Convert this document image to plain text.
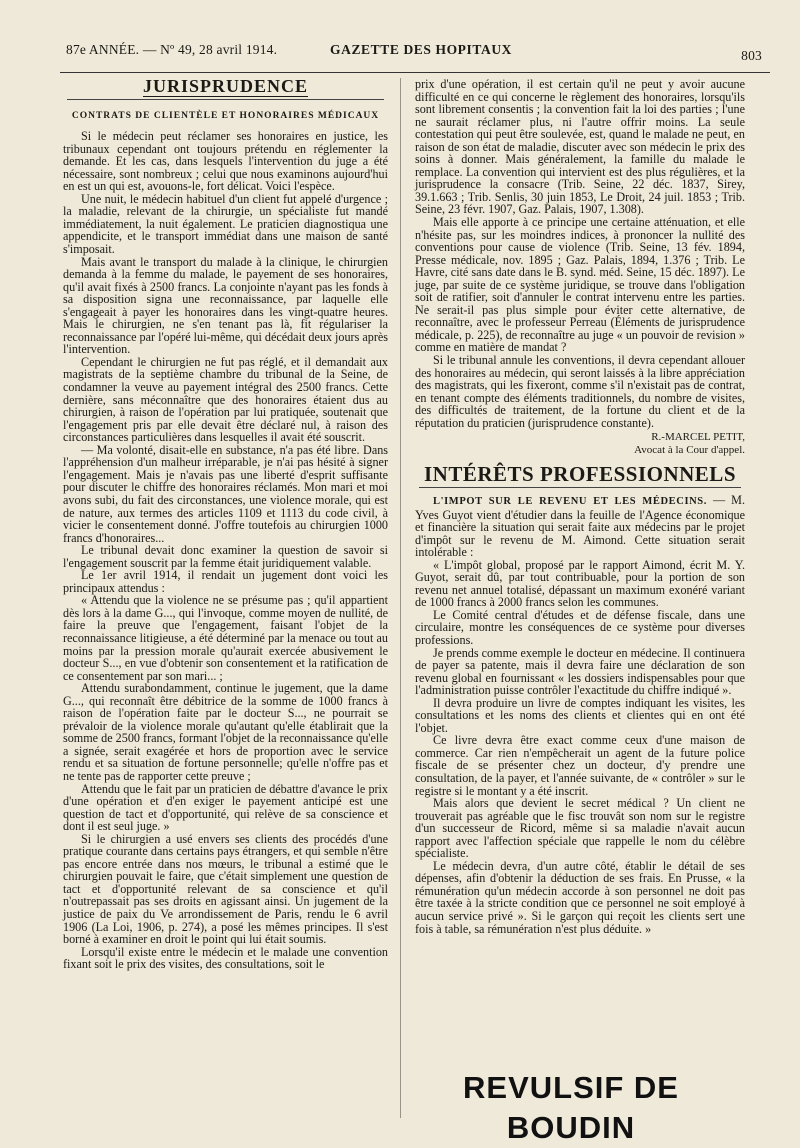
87e ANNÉE. — Nº 49, 28 avril 1914.	GAZETTE DES HOPITAUX	803
JURISPRUDENCE
CONTRATS DE CLIENTÈLE ET HONORAIRES MÉDICAUX

Si le médecin peut réclamer ses honoraires en justice, les tribunaux cependant ont toujours prétendu en réglementer la demande. Et les cas, dans lesquels l'intervention du juge a été nécessaire, sont nombreux ; celui que nous examinons aujourd'hui en est un qui est, avouons-le, fort délicat. Voici l'espèce.

Une nuit, le médecin habituel d'un client fut appelé d'urgence ; la maladie, relevant de la chirurgie, un spécialiste fut mandé immédiatement, la nuit également. Le praticien diagnostiqua une appendicite, et le transport immédiat dans une maison de santé s'imposait.

Mais avant le transport du malade à la clinique, le chirurgien demanda à la femme du malade, le payement de ses honoraires, qu'il avait fixés à 2500 francs. La conjointe n'ayant pas les fonds à sa disposition signa une reconnaissance, par laquelle elle s'engageait à payer les honoraires dans les vingt-quatre heures. Mais le chirurgien, ne s'en tenant pas là, fit régulariser la reconnaissance par l'opéré lui-même, qui décédait deux jours après l'intervention.

Cependant le chirurgien ne fut pas réglé, et il demandait aux magistrats de la septième chambre du tribunal de la Seine, de condamner la veuve au payement intégral des 2500 francs. Cette dernière, sans méconnaître que des honoraires étaient dus au chirurgien, à raison de l'opération par lui pratiquée, soutenait que l'engagement pris par elle devait être déclaré nul, à raison des circonstances particulières dans lesquelles il avait été souscrit.

— Ma volonté, disait-elle en substance, n'a pas été libre. Dans l'appréhension d'un malheur irréparable, je n'ai pas hésité à signer l'engagement. Mais je n'avais pas une liberté d'esprit suffisante pour discuter le chiffre des honoraires réclamés. Mon mari et moi avons subi, du fait des circonstances, une violence morale, qui est de nature, aux termes des articles 1109 et 1113 du code civil, à vicier le consentement donné. J'offre toutefois au chirurgien 1000 francs d'honoraires...

Le tribunal devait donc examiner la question de savoir si l'engagement souscrit par la femme était juridiquement valable.

Le 1er avril 1914, il rendait un jugement dont voici les principaux attendus :

« Attendu que la violence ne se présume pas ; qu'il appartient dès lors à la dame G..., qui l'invoque, comme moyen de nullité, de faire la preuve que l'engagement, faisant l'objet de la reconnaissance litigieuse, a été déterminé par la menace ou tout au moins par la pression morale qu'aurait exercée abusivement le docteur S..., en vue d'obtenir son consentement et la ratification de ce consentement par son mari... ;

Attendu surabondamment, continue le jugement, que la dame G..., qui reconnaît être débitrice de la somme de 1000 francs à raison de l'opération faite par le docteur S..., ne pourrait se prévaloir de la violence morale qu'autant qu'elle établirait que la somme de 2500 francs, formant l'objet de la reconnaissance qu'elle a signée, serait exagérée et hors de proportion avec le service rendu et sa situation de fortune personnelle; qu'elle n'offre pas et ne tente pas de rapporter cette preuve ;

Attendu que le fait par un praticien de débattre d'avance le prix d'une opération et d'en exiger le payement anticipé est une question de tact et d'opportunité, qui relève de sa conscience et dont il est seul juge. »

Si le chirurgien a usé envers ses clients des procédés d'une pratique courante dans certains pays étrangers, et qui semble n'être pas encore entrée dans nos mœurs, le tribunal a estimé que le chirurgien pouvait le faire, que c'était simplement une question de tact et d'opportunité relevant de sa conscience et qu'il n'outrepassait pas ses droits en agissant ainsi. Un jugement de la justice de paix du Ve arrondissement de Paris, rendu le 6 avril 1906 (La Loi, 1906, p. 274), a posé les mêmes principes. Il s'est borné à examiner en droit le point qui lui était soumis.

Lorsqu'il existe entre le médecin et le malade une convention fixant soit le prix des visites, des consultations, soit le

prix d'une opération, il est certain qu'il ne peut y avoir aucune difficulté en ce qui concerne le règlement des honoraires, lorsqu'ils sont librement consentis ; la convention fait la loi des parties ; l'une ne saurait réclamer plus, ni l'autre offrir moins. La seule contestation qui peut être soulevée, est, quand le malade ne peut, en raison de son état de maladie, discuter avec son médecin le prix des soins à donner. Mais généralement, la famille du malade le remplace. La convention qui intervient est des plus régulières, et la jurisprudence la consacre (Trib. Seine, 22 déc. 1837, Sirey, 39.1.663 ; Trib. Senlis, 30 juin 1853, Le Droit, 24 juil. 1853 ; Trib. Seine, 23 févr. 1907, Gaz. Palais, 1907, 1.308).

Mais elle apporte à ce principe une certaine atténuation, et elle n'hésite pas, sur les moindres indices, à prononcer la nullité des conventions pour cause de violence (Trib. Seine, 13 fév. 1894, Presse médicale, nov. 1895 ; Gaz. Palais, 1894, 1.376 ; Trib. Le Havre, cité sans date dans le B. synd. méd. Seine, 15 déc. 1897). Le juge, par suite de ce système juridique, se trouve dans l'obligation soit de ratifier, soit d'annuler le contrat intervenu entre les parties. Ne serait-il pas plus simple pour éviter cette alternative, de reconnaître, avec le professeur Perreau (Éléments de jurisprudence médicale, p. 225), de reconnaître au juge « un pouvoir de revision » comme en matière de mandat ?

Si le tribunal annule les conventions, il devra cependant allouer des honoraires au médecin, qui seront laissés à la libre appréciation des magistrats, qui les fixeront, comme s'il n'existait pas de contrat, en tenant compte des éléments traditionnels, du nombre de visites, des difficultés de traitement, de la fortune du client et de la réputation du praticien (jurisprudence constante).

R.-MARCEL PETIT,
Avocat à la Cour d'appel.
INTÉRÊTS PROFESSIONNELS

L'IMPOT SUR LE REVENU ET LES MÉDECINS. — M. Yves Guyot vient d'étudier dans la feuille de l'Agence économique et financière la situation qui serait faite aux médecins par le projet d'impôt sur le revenu de M. Aimond. Cette situation serait intolérable :

« L'impôt global, proposé par le rapport Aimond, écrit M. Y. Guyot, serait dû, par tout contribuable, pour la portion de son revenu net annuel totalisé, dépassant un maximum exonéré variant de 1000 francs à 2000 francs selon les communes.

Le Comité central d'études et de défense fiscale, dans une circulaire, montre les conséquences de ce système pour diverses professions.

Je prends comme exemple le docteur en médecine. Il continuera de payer sa patente, mais il devra faire une déclaration de son revenu global en fournissant « les dossiers indispensables pour que l'administration puisse contrôler l'exactitude du chiffre indiqué ».

Il devra produire un livre de comptes indiquant les visites, les consultations et les noms des clients et clientes qui en ont été l'objet.

Ce livre devra être exact comme ceux d'une maison de commerce. Car rien n'empêcherait un agent de la future police fiscale de se présenter chez un docteur, d'y prendre une consultation, de la payer, et l'année suivante, de « contrôler » sur le registre si le montant y a été inscrit.

Mais alors que devient le secret médical ? Un client ne trouverait pas agréable que le fisc trouvât son nom sur le registre d'un successeur de Ricord, même si sa maladie n'avait aucun rapport avec l'affection spéciale que rappelle le nom du célèbre spécialiste.

Le médecin devra, d'un autre côté, établir le détail de ses dépenses, afin d'obtenir la déduction de ses frais. En Prusse, « la rémunération qu'un médecin accorde à son personnel ne doit pas être taxée à la stricte condition que ce personnel ne soit employé à aucun service privé ». Si le garçon qui reçoit les clients sert une fois à table, sa rémunération n'est plus déduite. »

REVULSIF DE BOUDIN
